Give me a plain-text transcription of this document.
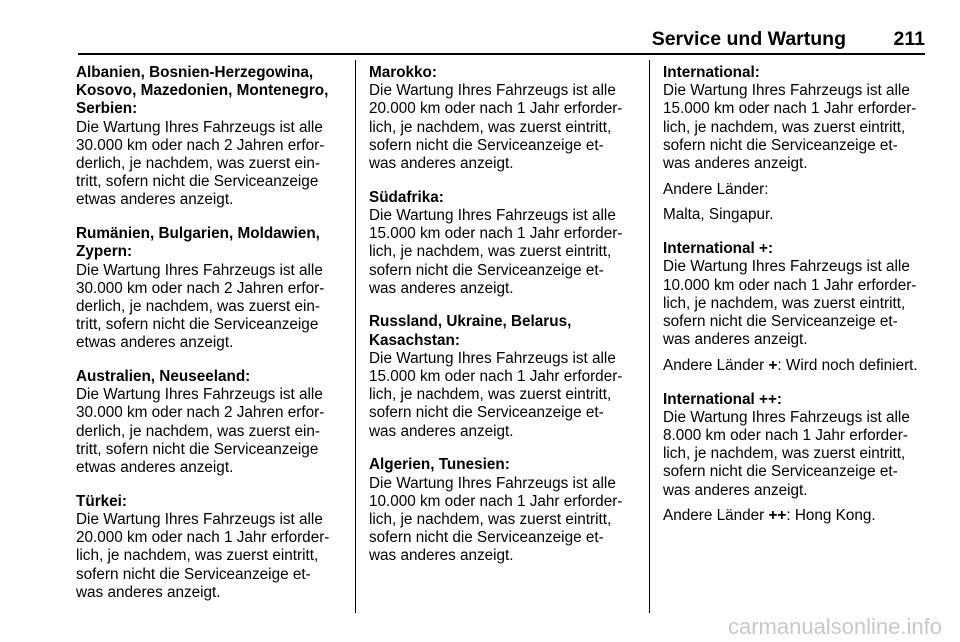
Service und Wartung 211
Albanien, Bosnien-Herzegowina,
Kosovo, Mazedonien, Montenegro,
Serbien:
Die Wartung Ihres Fahrzeugs ist alle
30.000 km oder nach 2 Jahren erfor-
derlich, je nachdem, was zuerst ein-
tritt, sofern nicht die Serviceanzeige
etwas anderes anzeigt.
Rumänien, Bulgarien, Moldawien,
Zypern:
Die Wartung Ihres Fahrzeugs ist alle
30.000 km oder nach 2 Jahren erfor-
derlich, je nachdem, was zuerst ein-
tritt, sofern nicht die Serviceanzeige
etwas anderes anzeigt.
Australien, Neuseeland:
Die Wartung Ihres Fahrzeugs ist alle
30.000 km oder nach 2 Jahren erfor-
derlich, je nachdem, was zuerst ein-
tritt, sofern nicht die Serviceanzeige
etwas anderes anzeigt.
Türkei:
Die Wartung Ihres Fahrzeugs ist alle
20.000 km oder nach 1 Jahr erforder-
lich, je nachdem, was zuerst eintritt,
sofern nicht die Serviceanzeige et-
was anderes anzeigt.
Marokko:
Die Wartung Ihres Fahrzeugs ist alle
20.000 km oder nach 1 Jahr erforder-
lich, je nachdem, was zuerst eintritt,
sofern nicht die Serviceanzeige et-
was anderes anzeigt.
Südafrika:
Die Wartung Ihres Fahrzeugs ist alle
15.000 km oder nach 1 Jahr erforder-
lich, je nachdem, was zuerst eintritt,
sofern nicht die Serviceanzeige et-
was anderes anzeigt.
Russland, Ukraine, Belarus,
Kasachstan:
Die Wartung Ihres Fahrzeugs ist alle
15.000 km oder nach 1 Jahr erforder-
lich, je nachdem, was zuerst eintritt,
sofern nicht die Serviceanzeige et-
was anderes anzeigt.
Algerien, Tunesien:
Die Wartung Ihres Fahrzeugs ist alle
10.000 km oder nach 1 Jahr erforder-
lich, je nachdem, was zuerst eintritt,
sofern nicht die Serviceanzeige et-
was anderes anzeigt.
International:
Die Wartung Ihres Fahrzeugs ist alle
15.000 km oder nach 1 Jahr erforder-
lich, je nachdem, was zuerst eintritt,
sofern nicht die Serviceanzeige et-
was anderes anzeigt.
Andere Länder:
Malta, Singapur.
International +:
Die Wartung Ihres Fahrzeugs ist alle
10.000 km oder nach 1 Jahr erforder-
lich, je nachdem, was zuerst eintritt,
sofern nicht die Serviceanzeige et-
was anderes anzeigt.
Andere Länder +: Wird noch definiert.
International ++:
Die Wartung Ihres Fahrzeugs ist alle
8.000 km oder nach 1 Jahr erforder-
lich, je nachdem, was zuerst eintritt,
sofern nicht die Serviceanzeige et-
was anderes anzeigt.
Andere Länder ++: Hong Kong.
carmanualsonline.info
